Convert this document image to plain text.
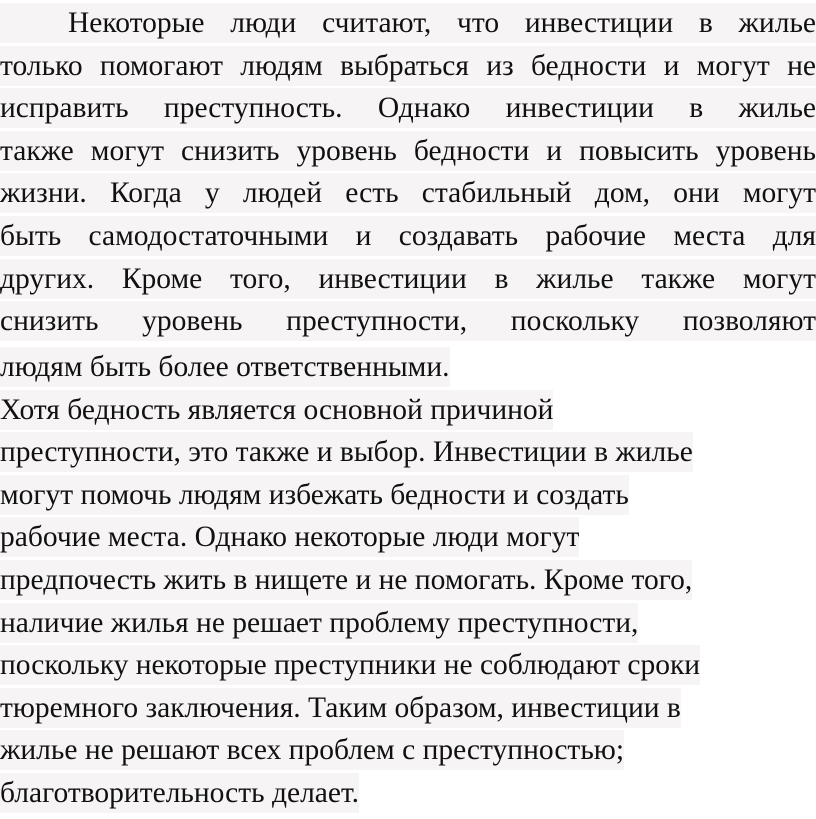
Некоторые люди считают, что инвестиции в жилье
только помогают людям выбраться из бедности и могут не
исправить преступность. Однако инвестиции в жилье
также могут снизить уровень бедности и повысить уровень
жизни. Когда у людей есть стабильный дом, они могут
быть самодостаточными и создавать рабочие места для
других. Кроме того, инвестиции в жилье также могут
снизить уровень преступности, поскольку позволяют
людям быть более ответственными.
Хотя бедность является основной причиной
преступности, это также и выбор. Инвестиции в жилье
могут помочь людям избежать бедности и создать
рабочие места. Однако некоторые люди могут
предпочесть жить в нищете и не помогать. Кроме того,
наличие жилья не решает проблему преступности,
поскольку некоторые преступники не соблюдают сроки
тюремного заключения. Таким образом, инвестиции в
жилье не решают всех проблем с преступностью;
благотворительность делает.
